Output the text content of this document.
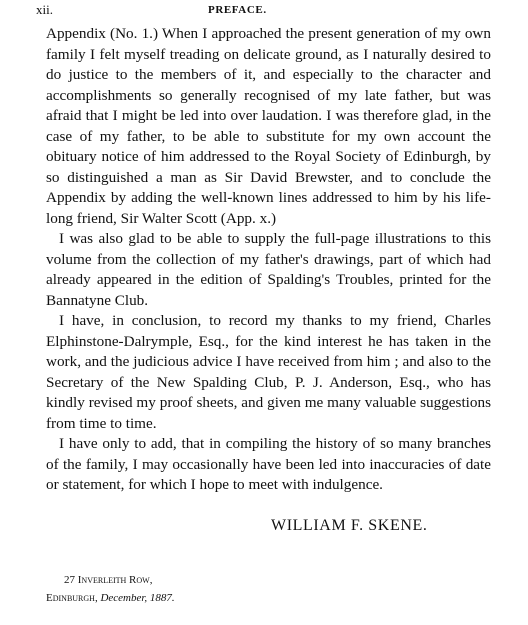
xii.	PREFACE.

Appendix (No. 1.) When I approached the present generation of my own family I felt myself treading on delicate ground, as I naturally desired to do justice to the members of it, and especially to the character and accomplishments so generally recognised of my late father, but was afraid that I might be led into over laudation. I was therefore glad, in the case of my father, to be able to substitute for my own account the obituary notice of him addressed to the Royal Society of Edinburgh, by so distinguished a man as Sir David Brewster, and to conclude the Appendix by adding the well-known lines addressed to him by his life-long friend, Sir Walter Scott (App. x.)

I was also glad to be able to supply the full-page illustrations to this volume from the collection of my father's drawings, part of which had already appeared in the edition of Spalding's Troubles, printed for the Bannatyne Club.

I have, in conclusion, to record my thanks to my friend, Charles Elphinstone-Dalrymple, Esq., for the kind interest he has taken in the work, and the judicious advice I have received from him ; and also to the Secretary of the New Spalding Club, P. J. Anderson, Esq., who has kindly revised my proof sheets, and given me many valuable suggestions from time to time.

I have only to add, that in compiling the history of so many branches of the family, I may occasionally have been led into inaccuracies of date or statement, for which I hope to meet with indulgence.

WILLIAM F. SKENE.
27 Inverleith Row,
Edinburgh, December, 1887.
